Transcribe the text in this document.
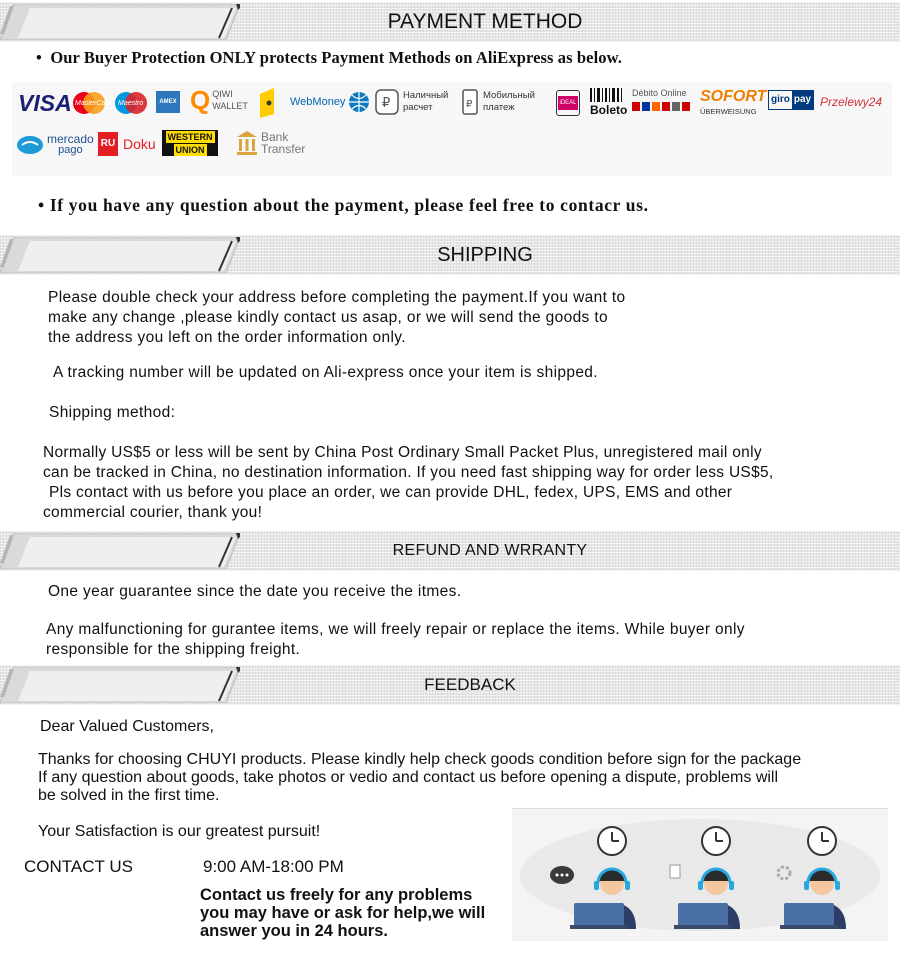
PAYMENT METHOD

•  Our Buyer Protection ONLY protects Payment Methods on AliExpress as below.

VISA MasterCard Maestro	AMEX Q QIWI
WALLET	WebMoney	₽
Наличный
расчет	₽
Мобильный
платеж	iDEAL Boleto
Débito Online SOFORT
ÜBERWEISUNG
giro pay Przelewy24
mercado
pago
RU Doku WESTERN
UNION
Bank
Transfer

• If you have any question about the payment, please feel free to contacr us.

SHIPPING

Please double check your address before completing the payment.If you want to
make any change ,please kindly contact us asap, or we will send the goods to
the address you left on the order information only.

A tracking number will be updated on Ali-express once your item is shipped.

Shipping method:

Normally US$5 or less will be sent by China Post Ordinary Small Packet Plus, unregistered mail only
can be tracked in China, no destination information. If you need fast shipping way for order less US$5,
Pls contact with us before you place an order, we can provide DHL, fedex, UPS, EMS and other
commercial courier, thank you!

REFUND AND WRRANTY

One year guarantee since the date you receive the itmes.

Any malfunctioning for gurantee items, we will freely repair or replace the items. While buyer only
responsible for the shipping freight.

FEEDBACK

Dear Valued Customers,

Thanks for choosing CHUYI products. Please kindly help check goods condition before sign for the package
If any question about goods, take photos or vedio and contact us before opening a dispute, problems will
be solved in the first time.

Your Satisfaction is our greatest pursuit!

CONTACT US	9:00 AM-18:00 PM

Contact us freely for any problems
you may have or ask for help,we will
answer you in 24 hours.
